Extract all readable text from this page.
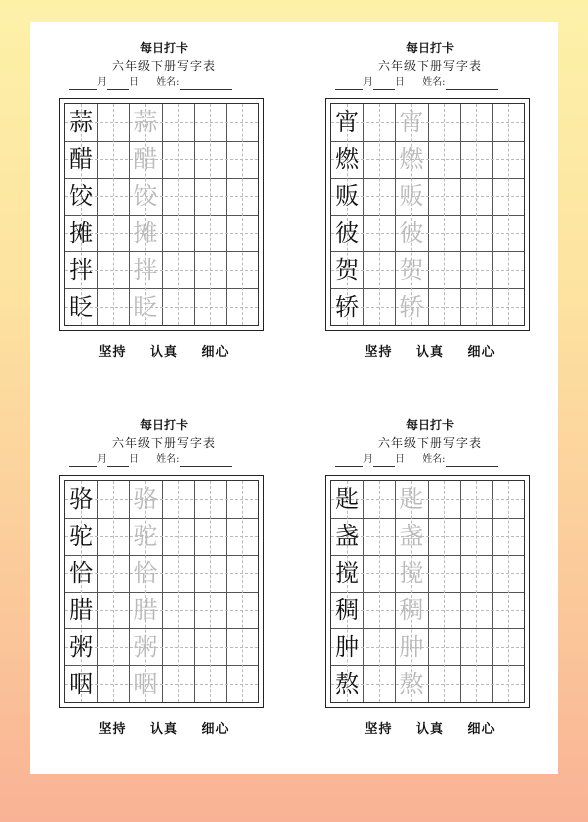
每日打卡
六年级下册写字表
月 日 姓名:
蒜 蒜
醋 醋
饺 饺
摊 摊
拌 拌
眨 眨
坚持 认真 细心
每日打卡
六年级下册写字表
月 日 姓名:
宵 宵
燃 燃
贩 贩
彼 彼
贺 贺
轿 轿
坚持 认真 细心
每日打卡
六年级下册写字表
月 日 姓名:
骆 骆
驼 驼
恰 恰
腊 腊
粥 粥
咽 咽
坚持 认真 细心
每日打卡
六年级下册写字表
月 日 姓名:
匙 匙
盏 盏
搅 搅
稠 稠
肿 肿
熬 熬
坚持 认真 细心
